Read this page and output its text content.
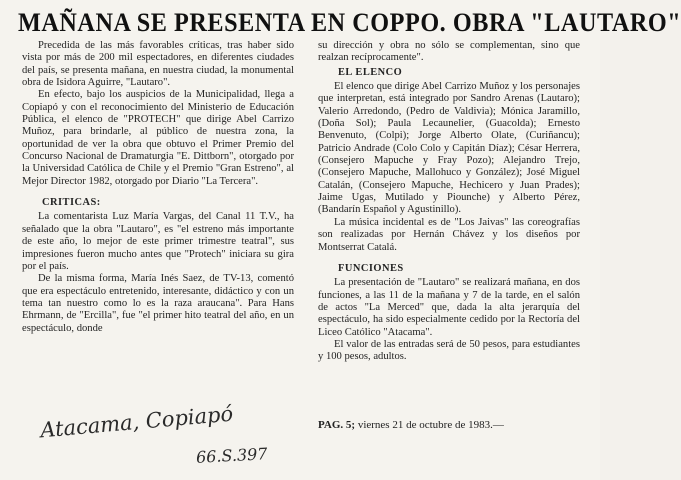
MAÑANA SE PRESENTA EN COPPO. OBRA "LAUTARO"

Precedida de las más favorables críticas, tras haber sido vista por más de 200 mil espectadores, en diferentes ciudades del país, se presenta mañana, en nuestra ciudad, la monumental obra de Isidora Aguirre, "Lautaro".

En efecto, bajo los auspicios de la Municipalidad, llega a Copiapó y con el reconocimiento del Ministerio de Educación Pública, el elenco de "PROTECH" que dirige Abel Carrizo Muñoz, para brindarle, al público de nuestra zona, la oportunidad de ver la obra que obtuvo el Primer Premio del Concurso Nacional de Dramaturgia "E. Dittborn", otorgado por la Universidad Católica de Chile y el Premio "Gran Estreno", al Mejor Director 1982, otorgado por Diario "La Tercera".

CRITICAS:

La comentarista Luz María Vargas, del Canal 11 T.V., ha señalado que la obra "Lautaro", es "el estreno más importante de este año, lo mejor de este primer trimestre teatral", sus impresiones fueron mucho antes que "Protech" iniciara su gira por el país.

De la misma forma, María Inés Saez, de TV-13, comentó que era espectáculo entretenido, interesante, didáctico y con un tema tan nuestro como lo es la raza araucana". Para Hans Ehrmann, de "Ercilla", fue "el primer hito teatral del año, en un espectáculo, donde

su dirección y obra no sólo se complementan, sino que realzan recíprocamente".

EL ELENCO

El elenco que dirige Abel Carrizo Muñoz y los personajes que interpretan, está integrado por Sandro Arenas (Lautaro); Valerio Arredondo, (Pedro de Valdivia); Mónica Jaramillo, (Doña Sol); Paula Lecaunelier, (Guacolda); Ernesto Benvenuto, (Colpi); Jorge Alberto Olate, (Curiñancu); Patricio Andrade (Colo Colo y Capitán Díaz); César Herrera, (Consejero Mapuche y Fray Pozo); Alejandro Trejo, (Consejero Mapuche, Mallohuco y González); José Miguel Catalán, (Consejero Mapuche, Hechicero y Juan Prades); Jaime Ugas, Mutilado y Piounche) y Alberto Pérez, (Bandarín Español y Agustinillo).

La música incidental es de "Los Jaivas" las coreografías son realizadas por Hernán Chávez y los diseños por Montserrat Catalá.

FUNCIONES

La presentación de "Lautaro" se realizará mañana, en dos funciones, a las 11 de la mañana y 7 de la tarde, en el salón de actos "La Merced" que, dada la alta jerarquía del espectáculo, ha sido especialmente cedido por la Rectoría del Liceo Católico "Atacama".

El valor de las entradas será de 50 pesos, para estudiantes y 100 pesos, adultos.

PAG. 5; viernes 21 de octubre de 1983.—
Atacama, Copiapó
66.S.397
